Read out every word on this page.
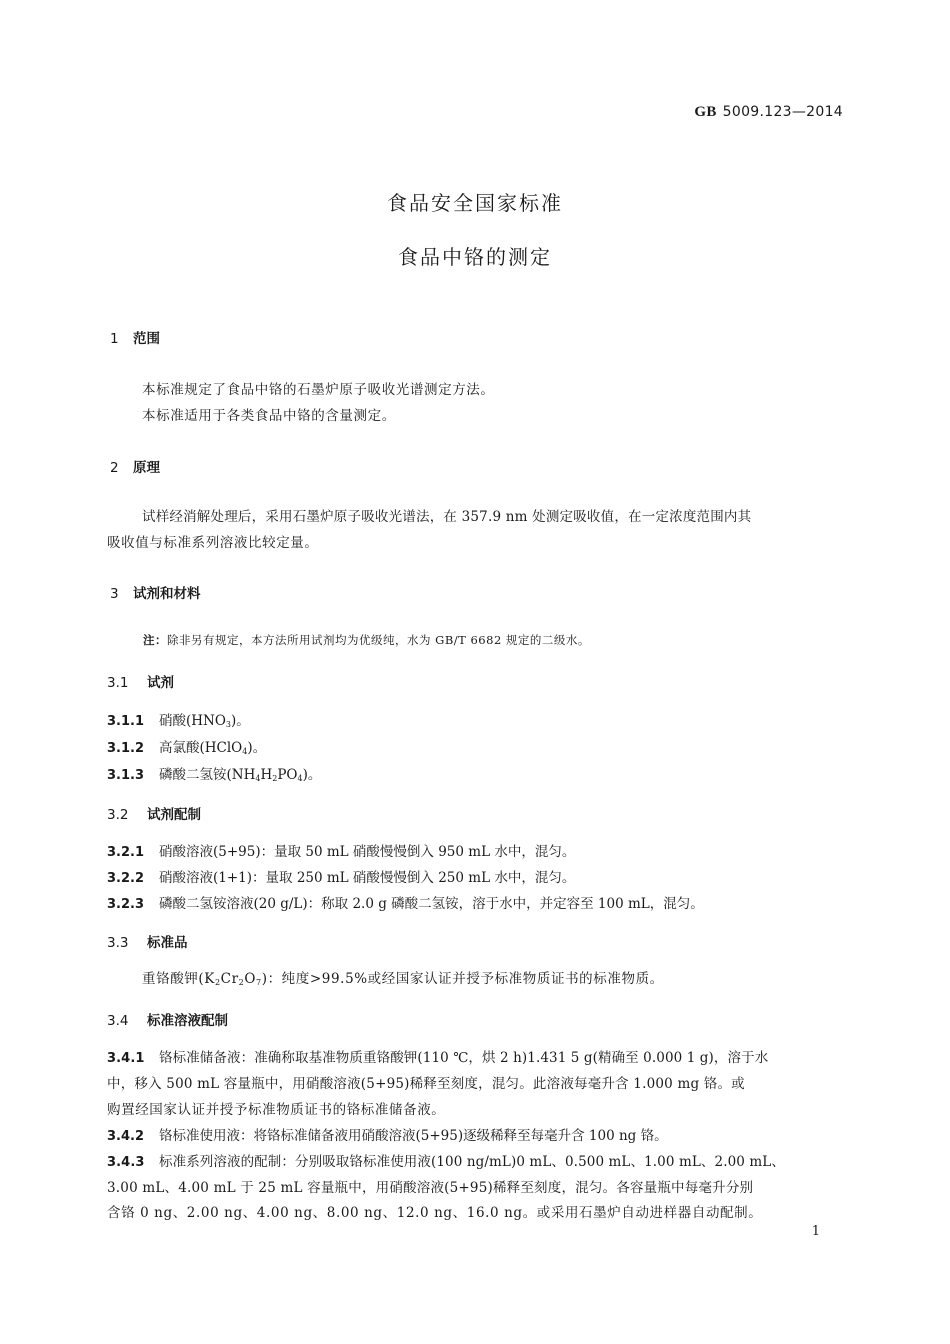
GB 5009.123—2014
食品安全国家标准
食品中铬的测定
1 范围
本标准规定了食品中铬的石墨炉原子吸收光谱测定方法。
本标准适用于各类食品中铬的含量测定。
2 原理
试样经消解处理后，采用石墨炉原子吸收光谱法，在 357.9 nm 处测定吸收值，在一定浓度范围内其
吸收值与标准系列溶液比较定量。
3 试剂和材料
注：除非另有规定，本方法所用试剂均为优级纯，水为 GB/T 6682 规定的二级水。
3.1 试剂
3.1.1 硝酸$(HNO_3)$。
3.1.2 高氯酸(HClO$_4$)。
3.1.3 磷酸二氢铵$(NH_4H_2PO_4)$。
3.2 试剂配制
3.2.1 硝酸溶液(5+95)：量取 50 mL 硝酸慢慢倒入 950 mL 水中，混匀。
3.2.2 硝酸溶液(1+1)：量取 250 mL 硝酸慢慢倒入 250 mL 水中，混匀。
3.2.3 磷酸二氢铵溶液(20 g/L)：称取 2.0 g 磷酸二氢铵，溶于水中，并定容至 100 mL，混匀。
3.3 标准品
重铬酸钾$(K_2Cr_2O_7)$：纯度>99.5%或经国家认证并授予标准物质证书的标准物质。
3.4 标准溶液配制
3.4.1 铬标准储备液：准确称取基准物质重铬酸钾(110 ℃，烘 2 h)1.431 5 g(精确至 0.000 1 g)，溶于水
中，移入 500 mL 容量瓶中，用硝酸溶液(5+95)稀释至刻度，混匀。此溶液每毫升含 1.000 mg 铬。或
购置经国家认证并授予标准物质证书的铬标准储备液。
3.4.2 铬标准使用液：将铬标准储备液用硝酸溶液(5+95)逐级稀释至每毫升含 100 ng 铬。
3.4.3 标准系列溶液的配制：分别吸取铬标准使用液(100 ng/mL)0 mL、0.500 mL、1.00 mL、2.00 mL、
3.00 mL、4.00 mL 于 25 mL 容量瓶中，用硝酸溶液(5+95)稀释至刻度，混匀。各容量瓶中每毫升分别
含铬 0 ng、2.00 ng、4.00 ng、8.00 ng、12.0 ng、16.0 ng。或采用石墨炉自动进样器自动配制。
1
